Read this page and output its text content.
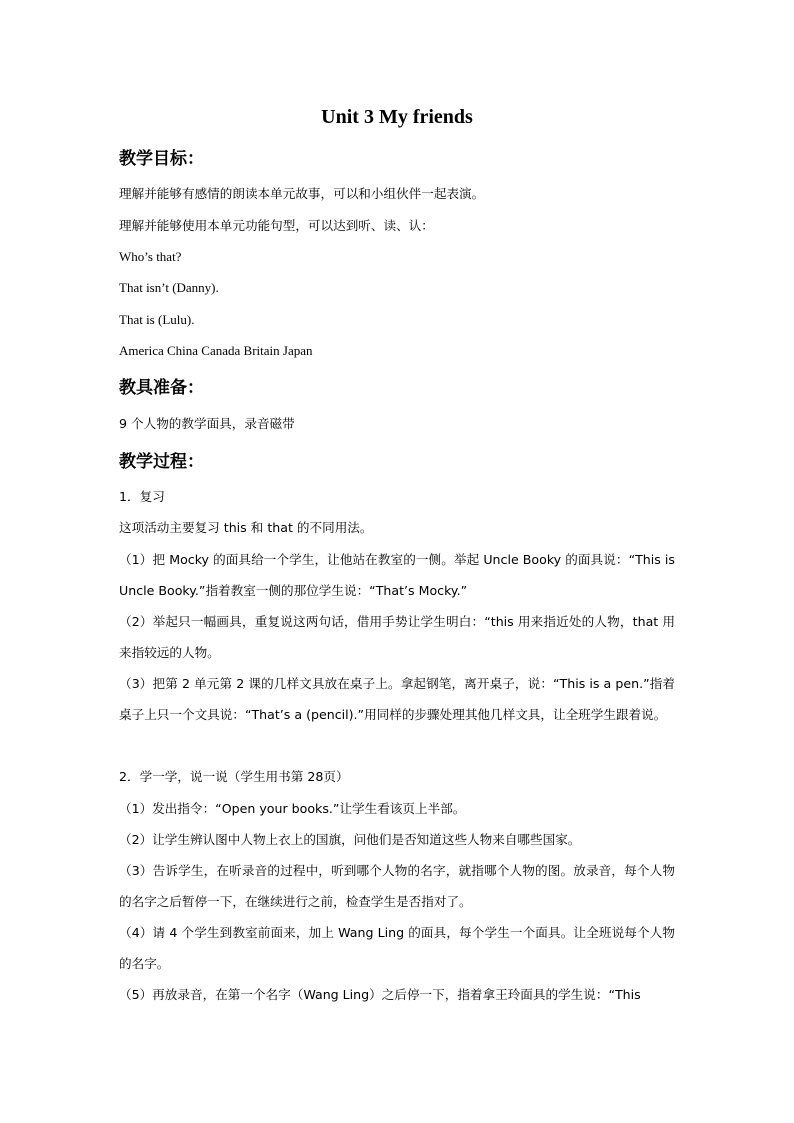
Unit 3 My friends
教学目标：

理解并能够有感情的朗读本单元故事，可以和小组伙伴一起表演。

理解并能够使用本单元功能句型，可以达到听、读、认：

Who’s that?

That isn’t (Danny).

That is (Lulu).

America China Canada Britain Japan

教具准备：

9 个人物的教学面具，录音磁带

教学过程：

1．复习

这项活动主要复习 this 和 that 的不同用法。

（1）把 Mocky 的面具给一个学生，让他站在教室的一侧。举起 Uncle Booky 的面具说：“This is Uncle Booky.”指着教室一侧的那位学生说：“That’s Mocky.”

（2）举起只一幅画具，重复说这两句话，借用手势让学生明白：“this 用来指近处的人物，that 用来指较远的人物。

（3）把第 2 单元第 2 课的几样文具放在桌子上。拿起钢笔，离开桌子，说：“This is a pen.”指着桌子上只一个文具说：“That’s a (pencil).”用同样的步骤处理其他几样文具，让全班学生跟着说。

2．学一学，说一说（学生用书第 28页）

（1）发出指令：“Open your books.”让学生看该页上半部。

（2）让学生辨认图中人物上衣上的国旗，问他们是否知道这些人物来自哪些国家。

（3）告诉学生，在听录音的过程中，听到哪个人物的名字，就指哪个人物的图。放录音，每个人物的名字之后暂停一下，在继续进行之前，检查学生是否指对了。

（4）请 4 个学生到教室前面来，加上 Wang Ling 的面具，每个学生一个面具。让全班说每个人物的名字。

（5）再放录音，在第一个名字（Wang Ling）之后停一下，指着拿王玲面具的学生说：“This
